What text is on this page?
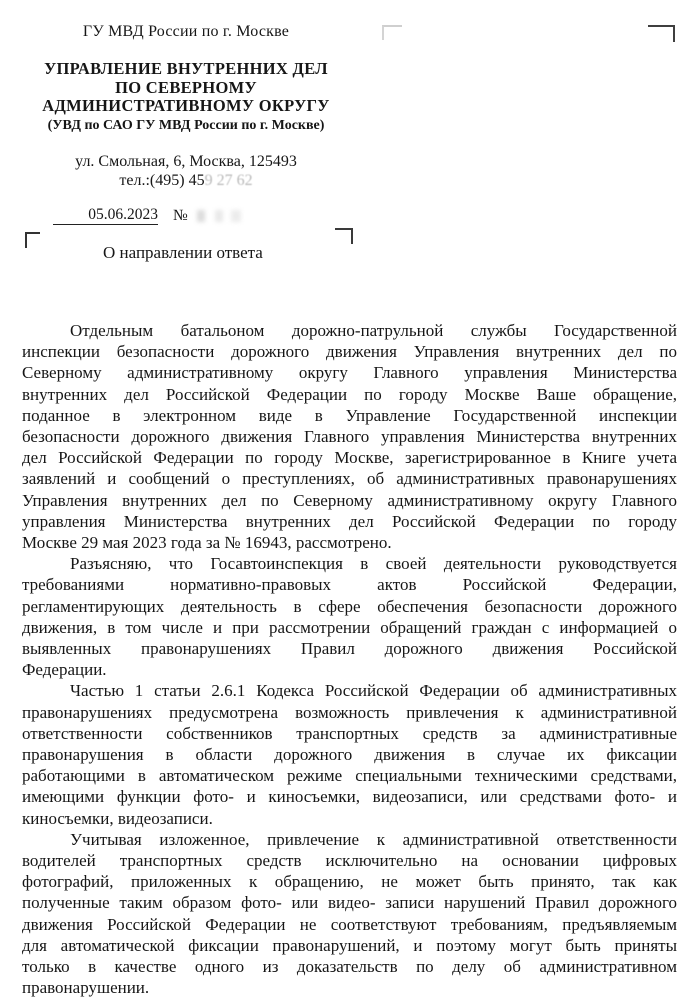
ГУ МВД России по г. Москве
УПРАВЛЕНИЕ ВНУТРЕННИХ ДЕЛ
ПО СЕВЕРНОМУ
АДМИНИСТРАТИВНОМУ ОКРУГУ
(УВД по САО ГУ МВД России по г. Москве)
ул. Смольная, 6, Москва, 125493
тел.:(495) 459 27 62
05.06.2023 №
О направлении ответа
Отдельным батальоном дорожно-патрульной службы Государственной
инспекции безопасности дорожного движения Управления внутренних дел по
Северному административному округу Главного управления Министерства
внутренних дел Российской Федерации по городу Москве Ваше обращение,
поданное в электронном виде в Управление Государственной инспекции
безопасности дорожного движения Главного управления Министерства внутренних
дел Российской Федерации по городу Москве, зарегистрированное в Книге учета
заявлений и сообщений о преступлениях, об административных правонарушениях
Управления внутренних дел по Северному административному округу Главного
управления Министерства внутренних дел Российской Федерации по городу
Москве 29 мая 2023 года за № 16943, рассмотрено.
Разъясняю, что Госавтоинспекция в своей деятельности руководствуется
требованиями нормативно-правовых актов Российской Федерации,
регламентирующих деятельность в сфере обеспечения безопасности дорожного
движения, в том числе и при рассмотрении обращений граждан с информацией о
выявленных правонарушениях Правил дорожного движения Российской
Федерации.
Частью 1 статьи 2.6.1 Кодекса Российской Федерации об административных
правонарушениях предусмотрена возможность привлечения к административной
ответственности собственников транспортных средств за административные
правонарушения в области дорожного движения в случае их фиксации
работающими в автоматическом режиме специальными техническими средствами,
имеющими функции фото- и киносъемки, видеозаписи, или средствами фото- и
киносъемки, видеозаписи.
Учитывая изложенное, привлечение к административной ответственности
водителей транспортных средств исключительно на основании цифровых
фотографий, приложенных к обращению, не может быть принято, так как
полученные таким образом фото- или видео- записи нарушений Правил дорожного
движения Российской Федерации не соответствуют требованиям, предъявляемым
для автоматической фиксации правонарушений, и поэтому могут быть приняты
только в качестве одного из доказательств по делу об административном
правонарушении.
